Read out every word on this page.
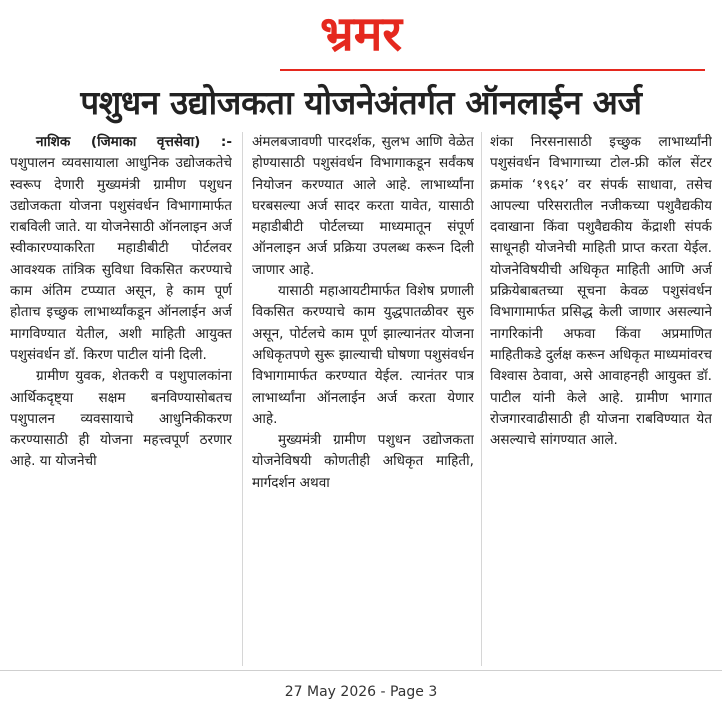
भ्रमर
पशुधन उद्योजकता योजनेअंतर्गत ऑनलाईन अर्ज

नाशिक (जिमाका वृत्तसेवा) :- पशुपालन व्यवसायाला आधुनिक उद्योजकतेचे स्वरूप देणारी मुख्यमंत्री ग्रामीण पशुधन उद्योजकता योजना पशुसंवर्धन विभागामार्फत राबविली जाते. या योजनेसाठी ऑनलाइन अर्ज स्वीकारण्याकरिता महाडीबीटी पोर्टलवर आवश्यक तांत्रिक सुविधा विकसित करण्याचे काम अंतिम टप्प्यात असून, हे काम पूर्ण होताच इच्छुक लाभार्थ्यांकडून ऑनलाईन अर्ज मागविण्यात येतील, अशी माहिती आयुक्त पशुसंवर्धन डॉ. किरण पाटील यांनी दिली.

ग्रामीण युवक, शेतकरी व पशुपालकांना आर्थिकदृष्ट्या सक्षम बनविण्यासोबतच पशुपालन व्यवसायाचे आधुनिकीकरण करण्यासाठी ही योजना महत्त्वपूर्ण ठरणार आहे. या योजनेची

अंमलबजावणी पारदर्शक, सुलभ आणि वेळेत होण्यासाठी पशुसंवर्धन विभागाकडून सर्वंकष नियोजन करण्यात आले आहे. लाभार्थ्यांना घरबसल्या अर्ज सादर करता यावेत, यासाठी महाडीबीटी पोर्टलच्या माध्यमातून संपूर्ण ऑनलाइन अर्ज प्रक्रिया उपलब्ध करून दिली जाणार आहे.

यासाठी महाआयटीमार्फत विशेष प्रणाली विकसित करण्याचे काम युद्धपातळीवर सुरु असून, पोर्टलचे काम पूर्ण झाल्यानंतर योजना अधिकृतपणे सुरू झाल्याची घोषणा पशुसंवर्धन विभागामार्फत करण्यात येईल. त्यानंतर पात्र लाभार्थ्यांना ऑनलाईन अर्ज करता येणार आहे.

मुख्यमंत्री ग्रामीण पशुधन उद्योजकता योजनेविषयी कोणतीही अधिकृत माहिती, मार्गदर्शन अथवा

शंका निरसनासाठी इच्छुक लाभार्थ्यांनी पशुसंवर्धन विभागाच्या टोल-फ्री कॉल सेंटर क्रमांक ‘१९६२’ वर संपर्क साधावा, तसेच आपल्या परिसरातील नजीकच्या पशुवैद्यकीय दवाखाना किंवा पशुवैद्यकीय केंद्राशी संपर्क साधूनही योजनेची माहिती प्राप्त करता येईल. योजनेविषयीची अधिकृत माहिती आणि अर्ज प्रक्रियेबाबतच्या सूचना केवळ पशुसंवर्धन विभागामार्फत प्रसिद्ध केली जाणार असल्याने नागरिकांनी अफवा किंवा अप्रमाणित माहितीकडे दुर्लक्ष करून अधिकृत माध्यमांवरच विश्वास ठेवावा, असे आवाहनही आयुक्त डॉ. पाटील यांनी केले आहे. ग्रामीण भागात रोजगारवाढीसाठी ही योजना राबविण्यात येत असल्याचे सांगण्यात आले.

27 May 2026 - Page 3
